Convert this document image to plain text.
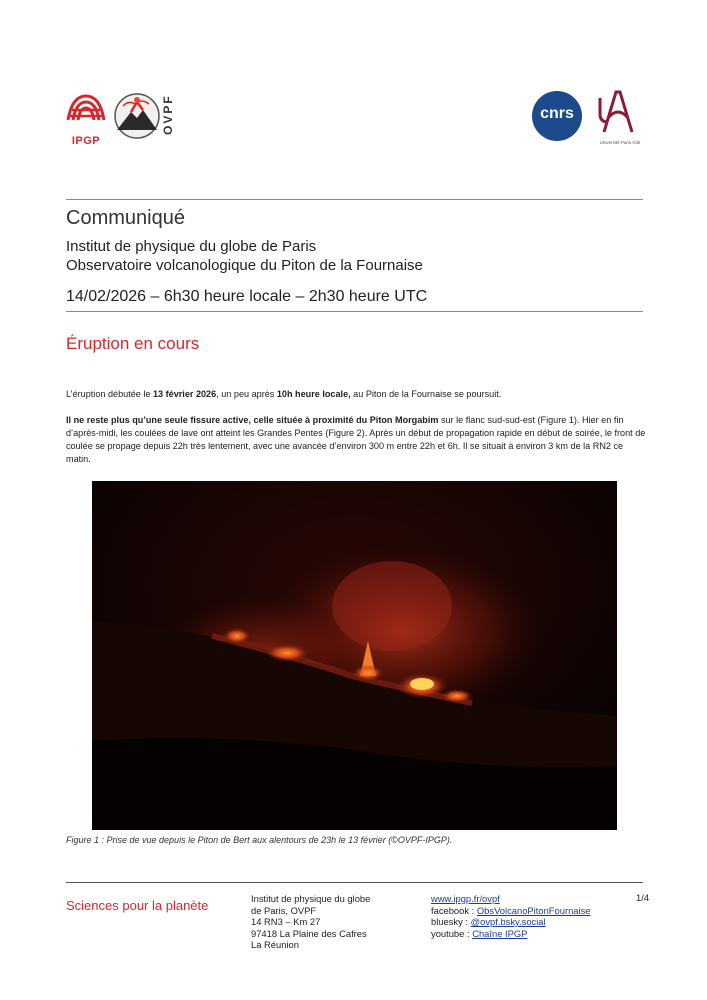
IPGP
OVPF	cnrs
Université Paris Cité
Communiqué
Institut de physique du globe de Paris
Observatoire volcanologique du Piton de la Fournaise
14/02/2026 – 6h30 heure locale – 2h30 heure UTC
Éruption en cours
L’éruption débutée le 13 février 2026, un peu après 10h heure locale, au Piton de la Fournaise se poursuit.
Il ne reste plus qu’une seule fissure active, celle située à proximité du Piton Morgabim sur le flanc sud-sud-est (Figure 1). Hier en fin d’après-midi, les coulées de lave ont atteint les Grandes Pentes (Figure 2). Après un début de propagation rapide en début de soirée, le front de coulée se propage depuis 22h très lentement, avec une avancée d’environ 300 m entre 22h et 6h. Il se situait à environ 3 km de la RN2 ce matin.
Figure 1 : Prise de vue depuis le Piton de Bert aux alentours de 23h le 13 février (©OVPF-IPGP).
Sciences pour la planète	Institut de physique du globe
de Paris, OVPF
14 RN3 – Km 27
97418 La Plaine des Cafres
La Réunion
www.ipgp.fr/ovpf
facebook : ObsVolcanoPitonFournaise
bluesky : @ovpf.bsky.social
youtube : Chaîne IPGP
1/4
